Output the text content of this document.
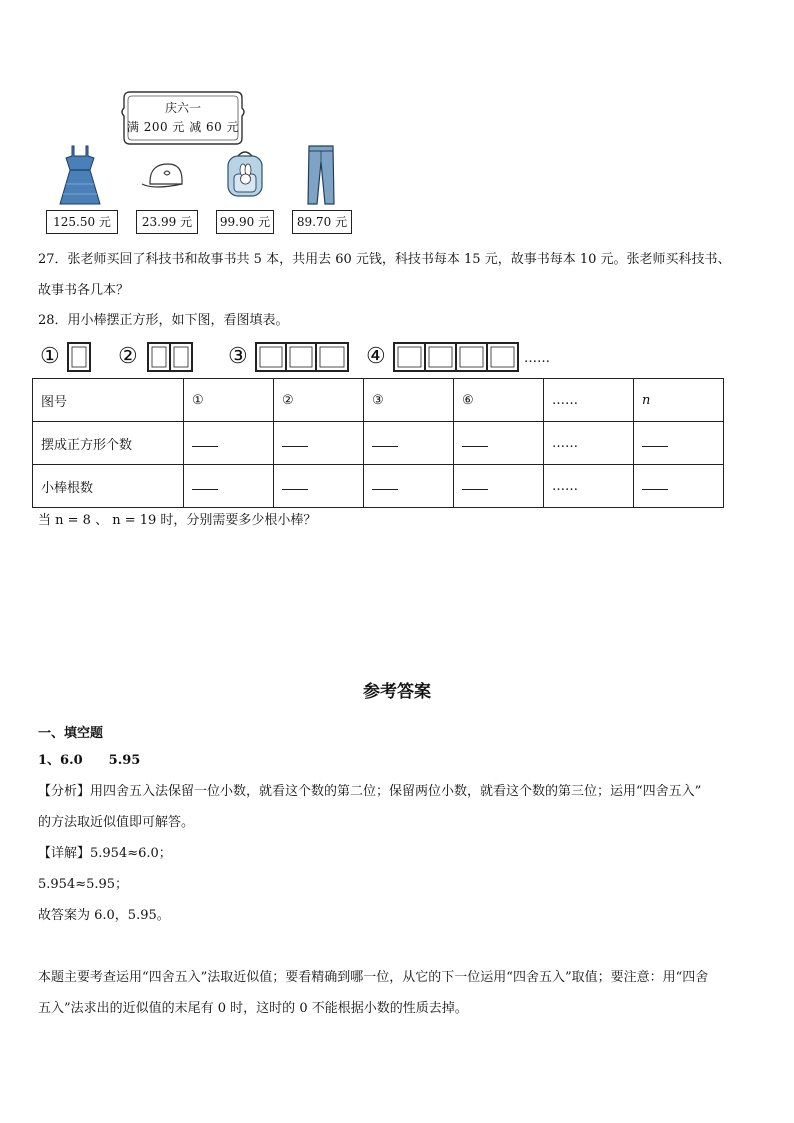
庆六一
满 200 元 减 60 元
125.50 元	23.99 元	99.90 元	89.70 元
27．张老师买回了科技书和故事书共 5 本，共用去 60 元钱，科技书每本 15 元，故事书每本 10 元。张老师买科技书、
故事书各几本？
28．用小棒摆正方形，如下图，看图填表。
①	②	③	④	……
图号	①	②	③	⑥	……	n
摆成正方形个数					……	
小棒根数					……	
当 n = 8 、 n = 19 时，分别需要多少根小棒？
参考答案
一、填空题
1、6.0　　5.95
【分析】用四舍五入法保留一位小数，就看这个数的第二位；保留两位小数，就看这个数的第三位；运用“四舍五入”
的方法取近似值即可解答。
【详解】5.954≈6.0；
5.954≈5.95；
故答案为 6.0，5.95。
本题主要考查运用“四舍五入”法取近似值；要看精确到哪一位，从它的下一位运用“四舍五入”取值；要注意：用“四舍
五入”法求出的近似值的末尾有 0 时，这时的 0 不能根据小数的性质去掉。
